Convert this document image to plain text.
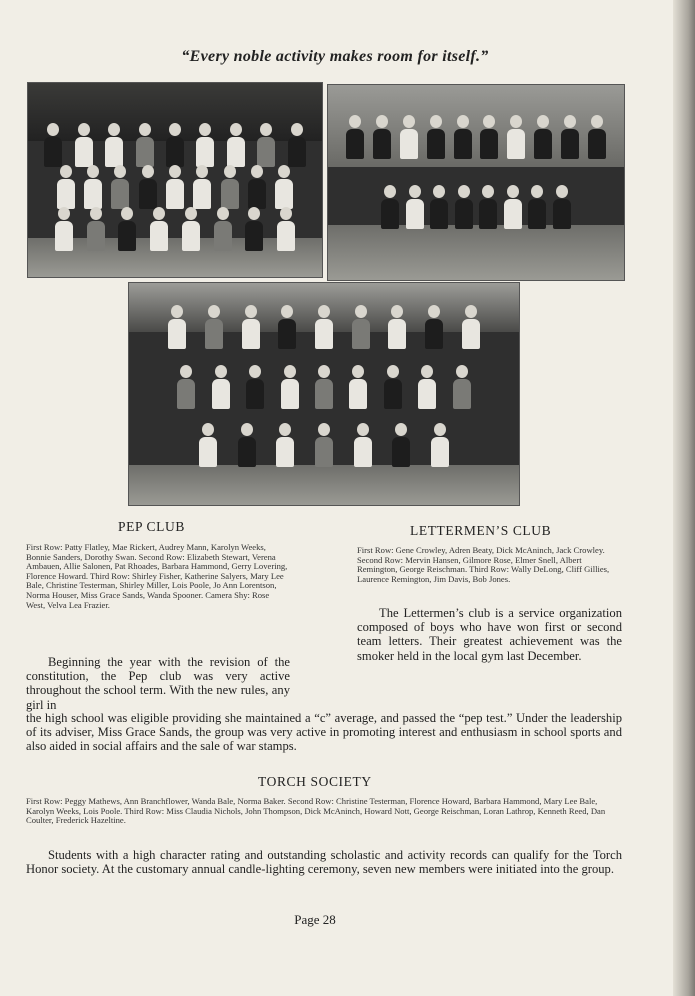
“Every noble activity makes room for itself.”
PEP CLUB

First Row: Patty Flatley, Mae Rickert, Audrey Mann, Karolyn Weeks, Bonnie Sanders, Dorothy Swan. Second Row: Elizabeth Stewart, Verena Ambauen, Allie Salonen, Pat Rhoades, Barbara Hammond, Gerry Lovering, Florence Howard. Third Row: Shirley Fisher, Katherine Salyers, Mary Lee Bale, Christine Testerman, Shirley Miller, Lois Poole, Jo Ann Lorentson, Norma Houser, Miss Grace Sands, Wanda Spooner. Camera Shy: Rose West, Velva Lea Frazier.

Beginning the year with the revision of the constitution, the Pep club was very active throughout the school term. With the new rules, any girl in

LETTERMEN’S CLUB

First Row: Gene Crowley, Adren Beaty, Dick McAninch, Jack Crowley. Second Row: Mervin Hansen, Gilmore Rose, Elmer Snell, Albert Remington, George Reischman. Third Row: Wally DeLong, Cliff Gillies, Laurence Remington, Jim Davis, Bob Jones.

The Lettermen’s club is a service organization composed of boys who have won first or second team letters. Their greatest achievement was the smoker held in the local gym last December.

the high school was eligible providing she maintained a “c” average, and passed the “pep test.” Under the leadership of its adviser, Miss Grace Sands, the group was very active in promoting interest and enthusiasm in school sports and also aided in social affairs and the sale of war stamps.

TORCH SOCIETY

First Row: Peggy Mathews, Ann Branchflower, Wanda Bale, Norma Baker. Second Row: Christine Testerman, Florence Howard, Barbara Hammond, Mary Lee Bale, Karolyn Weeks, Lois Poole. Third Row: Miss Claudia Nichols, John Thompson, Dick McAninch, Howard Nott, George Reischman, Loran Lathrop, Kenneth Reed, Dan Coulter, Frederick Hazeltine.

Students with a high character rating and outstanding scholastic and activity records can qualify for the Torch Honor society. At the customary annual candle-lighting ceremony, seven new members were initiated into the group.

Page 28
